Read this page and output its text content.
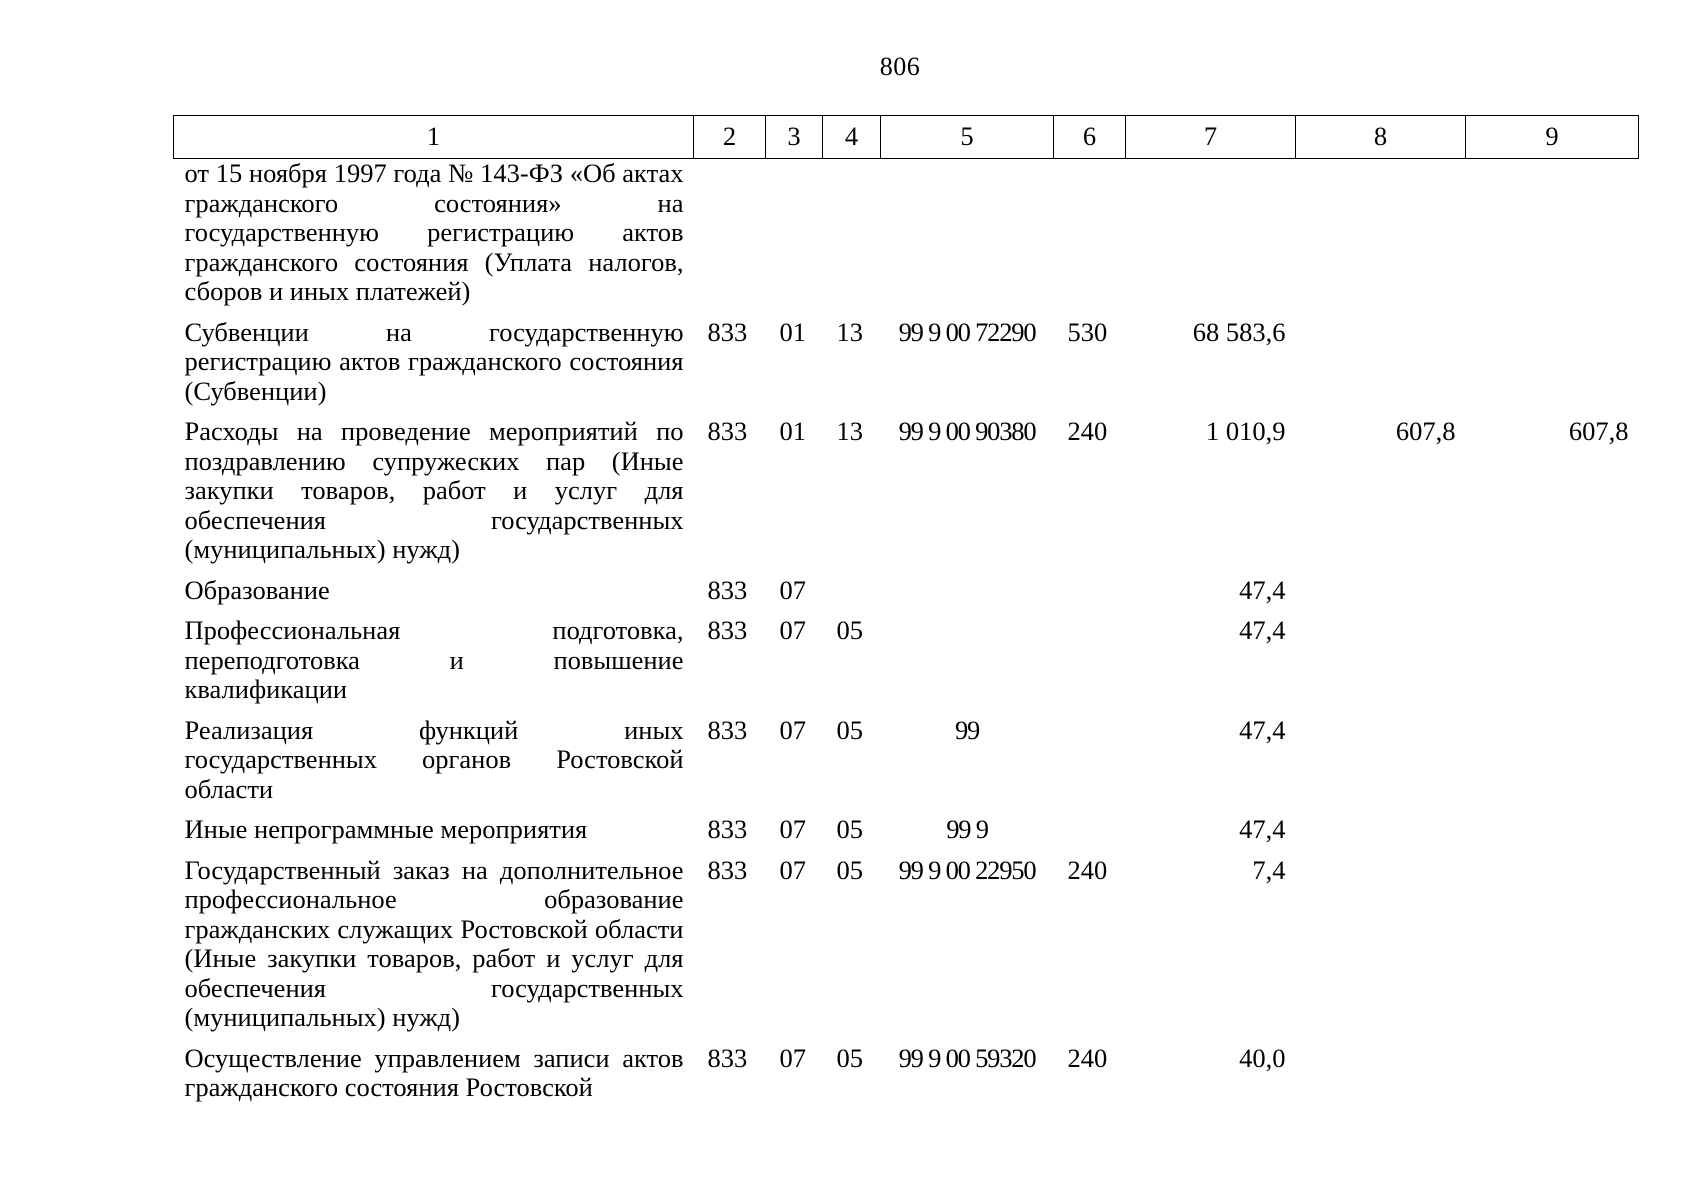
806
1	2	3	4	5	6	7	8	9
от 15 ноября 1997 года № 143-ФЗ «Об актах гражданского состояния» на государственную регистрацию актов гражданского состояния (Уплата налогов, сборов и иных платежей)								
Субвенции на государственную регистрацию актов гражданского состояния (Субвенции)	833	01	13	99 9 00 72290	530	68 583,6		
Расходы на проведение мероприятий по поздравлению супружеских пар (Иные закупки товаров, работ и услуг для обеспечения государственных (муниципальных) нужд)	833	01	13	99 9 00 90380	240	1 010,9	607,8	607,8
Образование	833	07				47,4		
Профессиональная подготовка, переподготовка и повышение квалификации	833	07	05			47,4		
Реализация функций иных государственных органов Ростовской области	833	07	05	99		47,4		
Иные непрограммные мероприятия	833	07	05	99 9		47,4		
Государственный заказ на дополнительное профессиональное образование гражданских служащих Ростовской области (Иные закупки товаров, работ и услуг для обеспечения государственных (муниципальных) нужд)	833	07	05	99 9 00 22950	240	7,4		
Осуществление управлением записи актов гражданского состояния Ростовской	833	07	05	99 9 00 59320	240	40,0		
